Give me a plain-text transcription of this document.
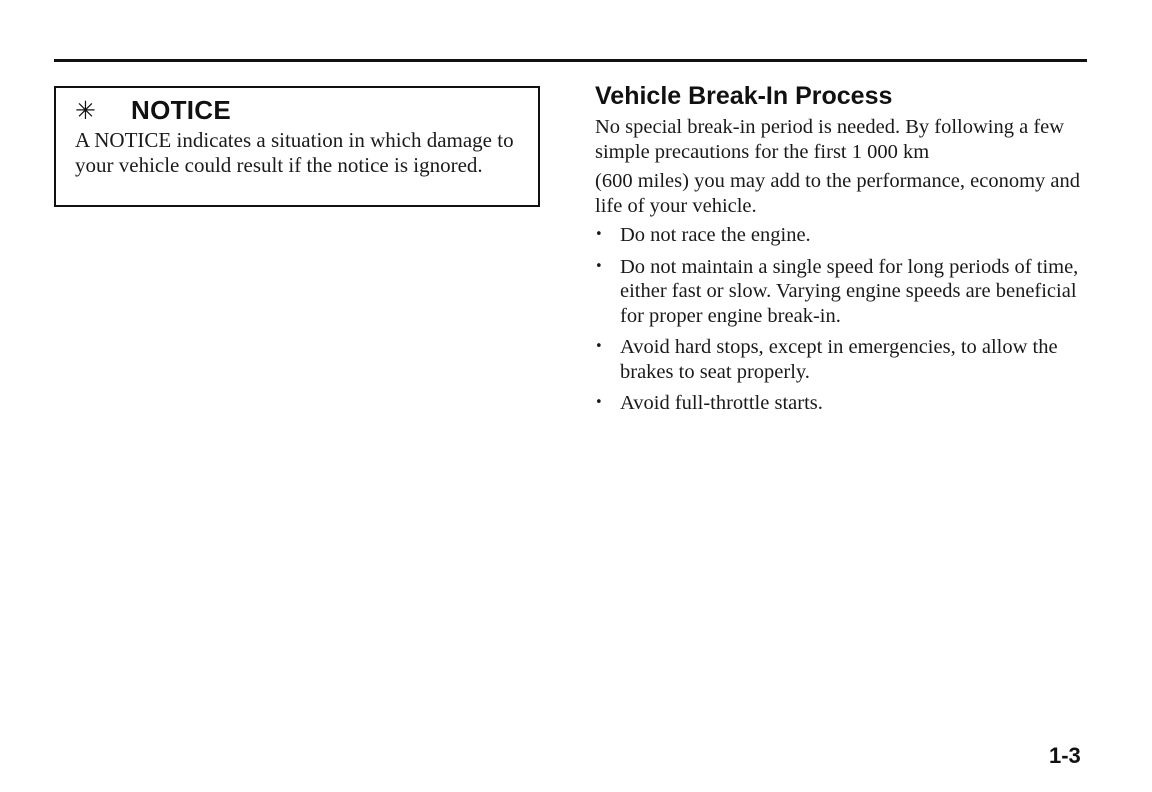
✳	NOTICE
A NOTICE indicates a situation in which damage to your vehicle could result if the notice is ignored.
Vehicle Break-In Process

No special break-in period is needed. By following a few simple precautions for the first 1 000 km

(600 miles) you may add to the performance, economy and life of your vehicle.

• Do not race the engine.
• Do not maintain a single speed for long periods of time, either fast or slow. Varying engine speeds are beneficial for proper engine break-in.
• Avoid hard stops, except in emergencies, to allow the brakes to seat properly.
• Avoid full-throttle starts.
1-3
